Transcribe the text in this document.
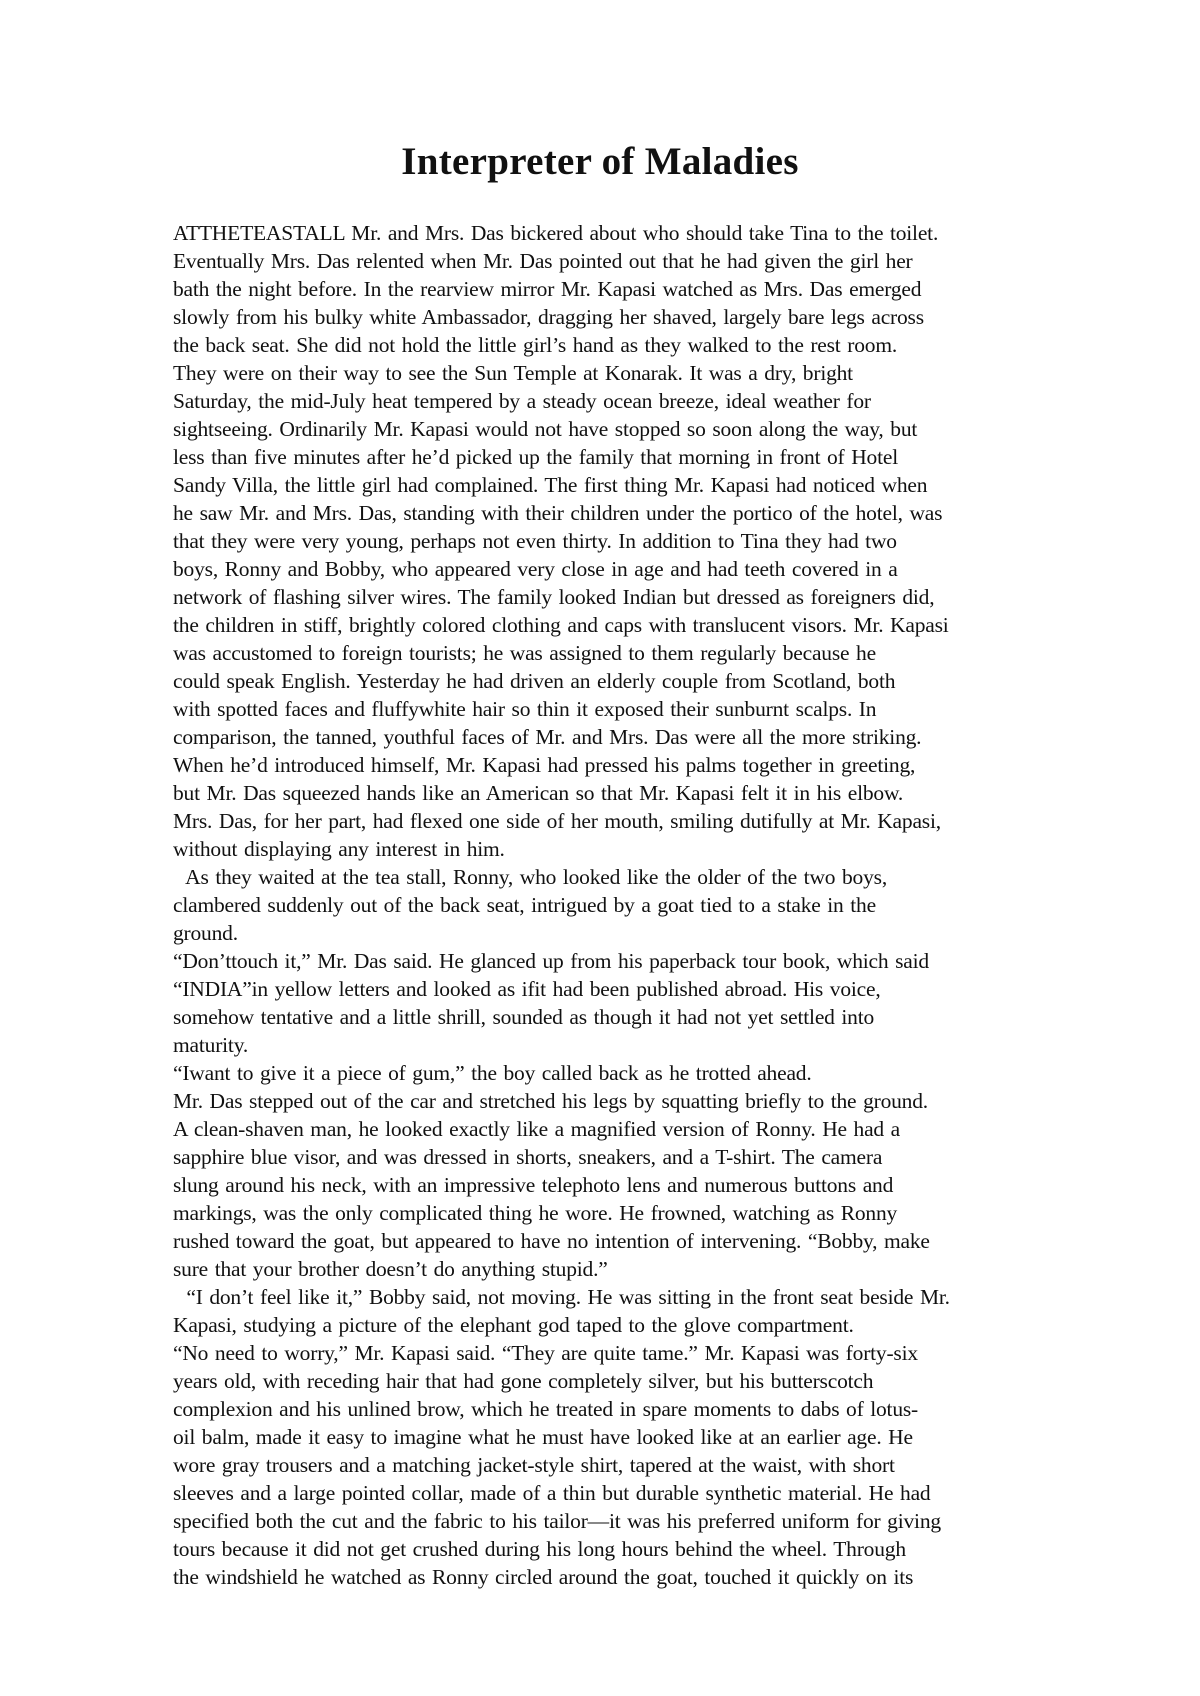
Interpreter of Maladies
ATTHETEASTALL Mr. and Mrs. Das bickered about who should take Tina to the toilet.
Eventually Mrs. Das relented when Mr. Das pointed out that he had given the girl her
bath the night before. In the rearview mirror Mr. Kapasi watched as Mrs. Das emerged
slowly from his bulky white Ambassador, dragging her shaved, largely bare legs across
the back seat. She did not hold the little girl’s hand as they walked to the rest room.
They were on their way to see the Sun Temple at Konarak. It was a dry, bright
Saturday, the mid-July heat tempered by a steady ocean breeze, ideal weather for
sightseeing. Ordinarily Mr. Kapasi would not have stopped so soon along the way, but
less than five minutes after he’d picked up the family that morning in front of Hotel
Sandy Villa, the little girl had complained. The first thing Mr. Kapasi had noticed when
he saw Mr. and Mrs. Das, standing with their children under the portico of the hotel, was
that they were very young, perhaps not even thirty. In addition to Tina they had two
boys, Ronny and Bobby, who appeared very close in age and had teeth covered in a
network of flashing silver wires. The family looked Indian but dressed as foreigners did,
the children in stiff, brightly colored clothing and caps with translucent visors. Mr. Kapasi
was accustomed to foreign tourists; he was assigned to them regularly because he
could speak English. Yesterday he had driven an elderly couple from Scotland, both
with spotted faces and fluffywhite hair so thin it exposed their sunburnt scalps. In
comparison, the tanned, youthful faces of Mr. and Mrs. Das were all the more striking.
When he’d introduced himself, Mr. Kapasi had pressed his palms together in greeting,
but Mr. Das squeezed hands like an American so that Mr. Kapasi felt it in his elbow.
Mrs. Das, for her part, had flexed one side of her mouth, smiling dutifully at Mr. Kapasi,
without displaying any interest in him.
As they waited at the tea stall, Ronny, who looked like the older of the two boys,
clambered suddenly out of the back seat, intrigued by a goat tied to a stake in the
ground.
“Don’ttouch it,” Mr. Das said. He glanced up from his paperback tour book, which said
“INDIA”in yellow letters and looked as ifit had been published abroad. His voice,
somehow tentative and a little shrill, sounded as though it had not yet settled into
maturity.
“Iwant to give it a piece of gum,” the boy called back as he trotted ahead.
Mr. Das stepped out of the car and stretched his legs by squatting briefly to the ground.
A clean-shaven man, he looked exactly like a magnified version of Ronny. He had a
sapphire blue visor, and was dressed in shorts, sneakers, and a T-shirt. The camera
slung around his neck, with an impressive telephoto lens and numerous buttons and
markings, was the only complicated thing he wore. He frowned, watching as Ronny
rushed toward the goat, but appeared to have no intention of intervening. “Bobby, make
sure that your brother doesn’t do anything stupid.”
“I don’t feel like it,” Bobby said, not moving. He was sitting in the front seat beside Mr.
Kapasi, studying a picture of the elephant god taped to the glove compartment.
“No need to worry,” Mr. Kapasi said. “They are quite tame.” Mr. Kapasi was forty-six
years old, with receding hair that had gone completely silver, but his butterscotch
complexion and his unlined brow, which he treated in spare moments to dabs of lotus-
oil balm, made it easy to imagine what he must have looked like at an earlier age. He
wore gray trousers and a matching jacket-style shirt, tapered at the waist, with short
sleeves and a large pointed collar, made of a thin but durable synthetic material. He had
specified both the cut and the fabric to his tailor—it was his preferred uniform for giving
tours because it did not get crushed during his long hours behind the wheel. Through
the windshield he watched as Ronny circled around the goat, touched it quickly on its
